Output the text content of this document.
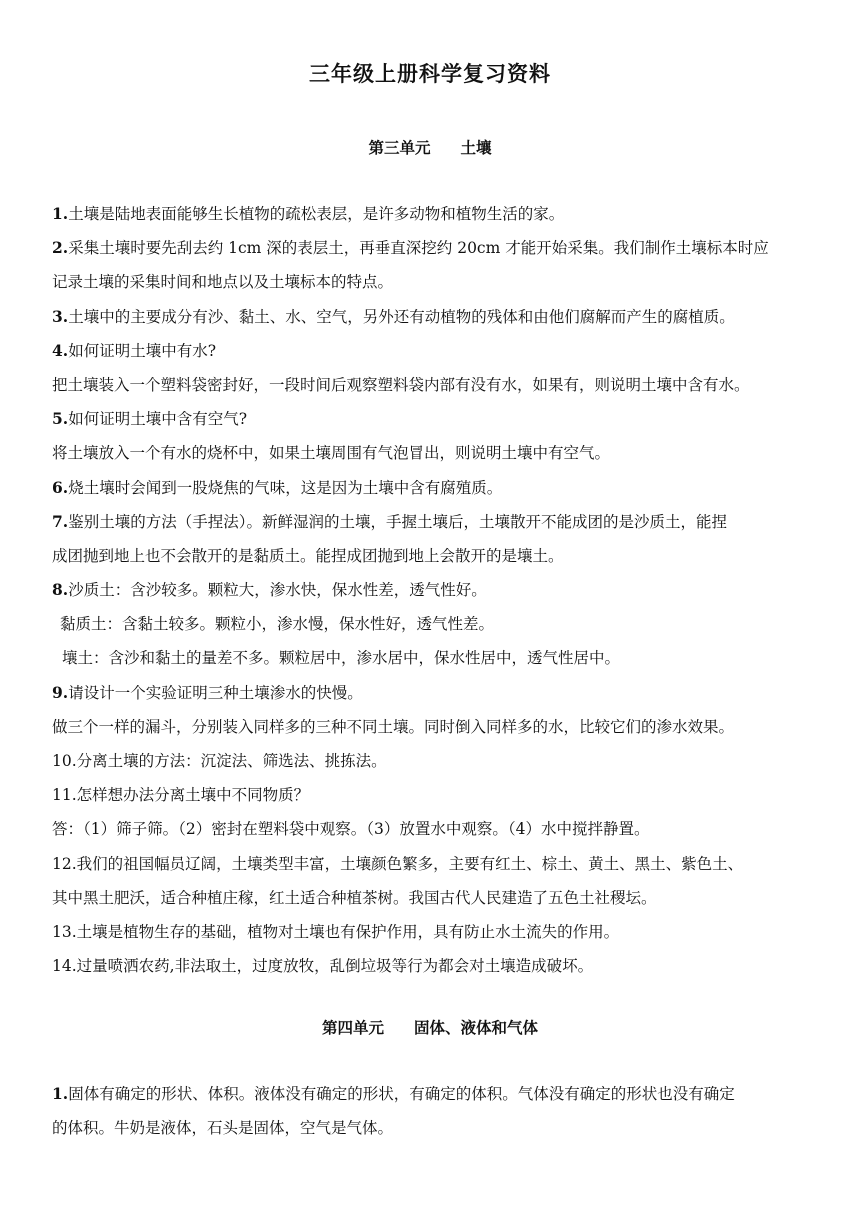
三年级上册科学复习资料
第三单元 土壤
1.土壤是陆地表面能够生长植物的疏松表层，是许多动物和植物生活的家。
2.采集土壤时要先刮去约 1cm 深的表层土，再垂直深挖约 20cm 才能开始采集。我们制作土壤标本时应
记录土壤的采集时间和地点以及土壤标本的特点。
3.土壤中的主要成分有沙、黏土、水、空气，另外还有动植物的残体和由他们腐解而产生的腐植质。
4.如何证明土壤中有水?
把土壤装入一个塑料袋密封好，一段时间后观察塑料袋内部有没有水，如果有，则说明土壤中含有水。
5.如何证明土壤中含有空气?
将土壤放入一个有水的烧杯中，如果土壤周围有气泡冒出，则说明土壤中有空气。
6.烧土壤时会闻到一股烧焦的气味，这是因为土壤中含有腐殖质。
7.鉴别土壤的方法（手捏法）。新鲜湿润的土壤，手握土壤后，土壤散开不能成团的是沙质土，能捏
成团抛到地上也不会散开的是黏质土。能捏成团抛到地上会散开的是壤土。
8.沙质土：含沙较多。颗粒大，渗水快，保水性差，透气性好。
黏质土：含黏土较多。颗粒小，渗水慢，保水性好，透气性差。
壤土：含沙和黏土的量差不多。颗粒居中，渗水居中，保水性居中，透气性居中。
9.请设计一个实验证明三种土壤渗水的快慢。
做三个一样的漏斗，分别装入同样多的三种不同土壤。同时倒入同样多的水，比较它们的渗水效果。
10.分离土壤的方法：沉淀法、筛选法、挑拣法。
11.怎样想办法分离土壤中不同物质？
答：（1）筛子筛。（2）密封在塑料袋中观察。（3）放置水中观察。（4）水中搅拌静置。
12.我们的祖国幅员辽阔，土壤类型丰富，土壤颜色繁多，主要有红土、棕土、黄土、黑土、紫色土、
其中黑土肥沃，适合种植庄稼，红土适合种植茶树。我国古代人民建造了五色土社稷坛。
13.土壤是植物生存的基础，植物对土壤也有保护作用，具有防止水土流失的作用。
14.过量喷洒农药,非法取土，过度放牧，乱倒垃圾等行为都会对土壤造成破坏。
第四单元 固体、液体和气体
1.固体有确定的形状、体积。液体没有确定的形状，有确定的体积。气体没有确定的形状也没有确定
的体积。牛奶是液体，石头是固体，空气是气体。
